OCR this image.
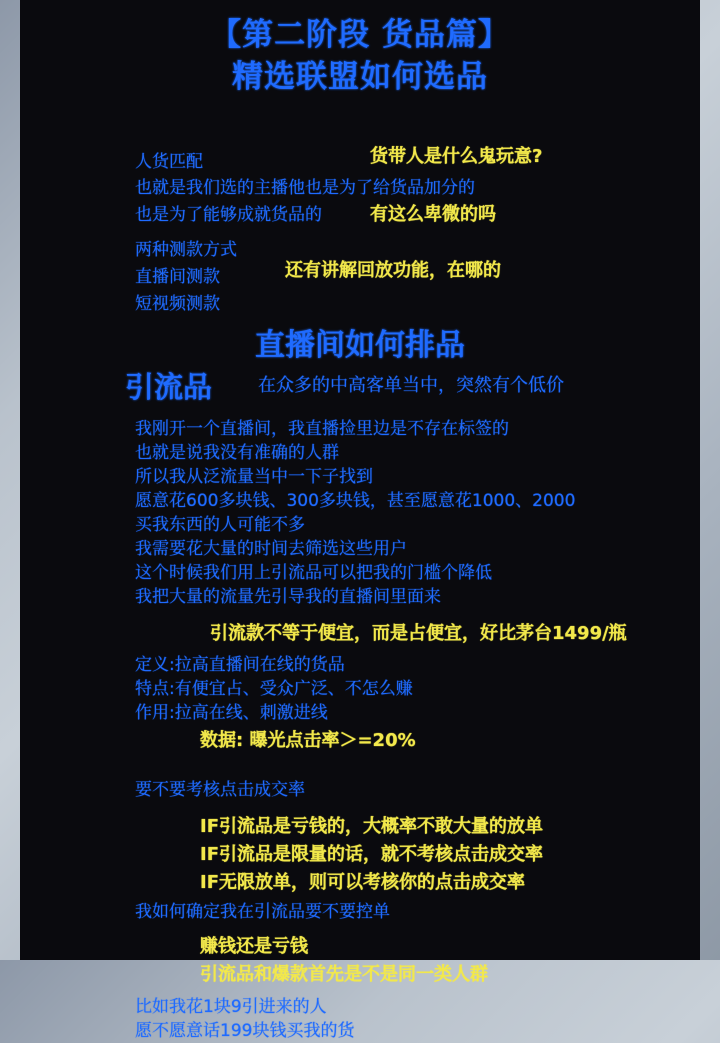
【第二阶段 货品篇】
精选联盟如何选品
人货匹配
也就是我们选的主播他也是为了给货品加分的
也是为了能够成就货品的
两种测款方式
直播间测款
短视频测款
货带人是什么鬼玩意?
有这么卑微的吗
还有讲解回放功能，在哪的
直播间如何排品
引流品	在众多的中高客单当中，突然有个低价
我刚开一个直播间，我直播捡里边是不存在标签的
也就是说我没有准确的人群
所以我从泛流量当中一下子找到
愿意花600多块钱、300多块钱，甚至愿意花1000、2000
买我东西的人可能不多
我需要花大量的时间去筛选这些用户
这个时候我们用上引流品可以把我的门槛个降低
我把大量的流量先引导我的直播间里面来
引流款不等于便宜，而是占便宜，好比茅台1499/瓶
定义:拉高直播间在线的货品
特点:有便宜占、受众广泛、不怎么赚
作用:拉高在线、刺激进线
数据: 曝光点击率＞=20%
要不要考核点击成交率
IF引流品是亏钱的，大概率不敢大量的放单
IF引流品是限量的话，就不考核点击成交率
IF无限放单，则可以考核你的点击成交率
我如何确定我在引流品要不要控单
赚钱还是亏钱
引流品和爆款首先是不是同一类人群
比如我花1块9引进来的人
愿不愿意话199块钱买我的货
